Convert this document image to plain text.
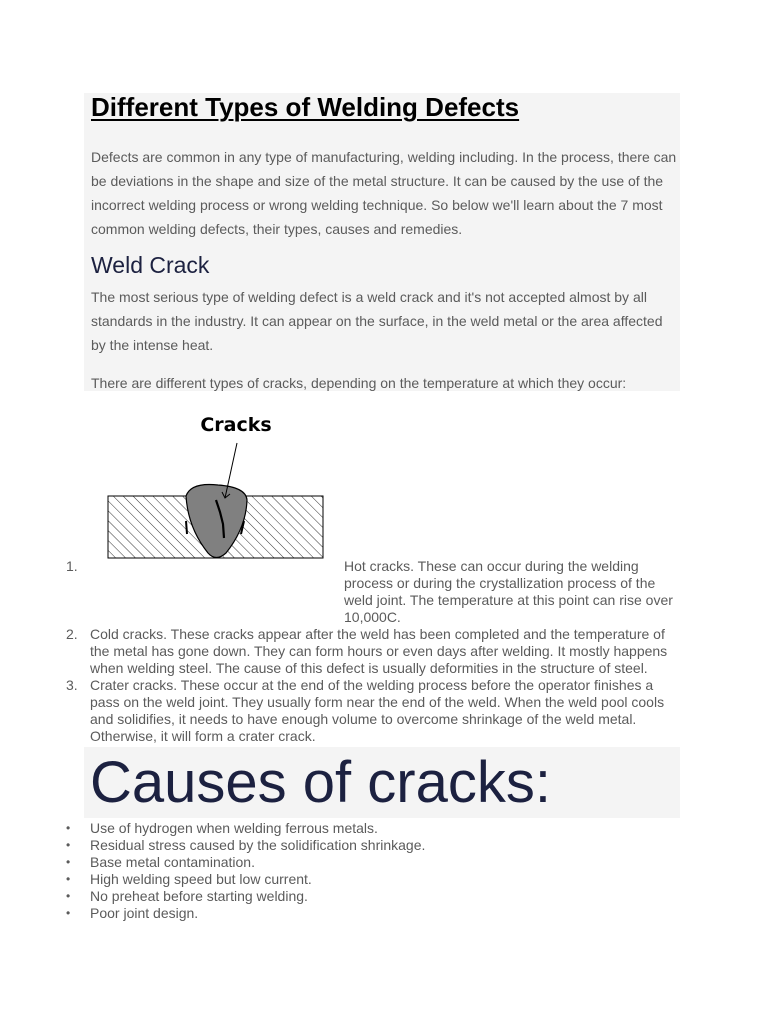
Different Types of Welding Defects

Defects are common in any type of manufacturing, welding including. In the process, there can be deviations in the shape and size of the metal structure. It can be caused by the use of the incorrect welding process or wrong welding technique. So below we'll learn about the 7 most common welding defects, their types, causes and remedies.

Weld Crack

The most serious type of welding defect is a weld crack and it's not accepted almost by all standards in the industry. It can appear on the surface, in the weld metal or the area affected by the intense heat.

There are different types of cracks, depending on the temperature at which they occur:

Cracks
1.	Hot cracks. These can occur during the welding process or during the crystallization process of the weld joint. The temperature at this point can rise over 10,000C.
2. Cold cracks. These cracks appear after the weld has been completed and the temperature of the metal has gone down. They can form hours or even days after welding. It mostly happens when welding steel. The cause of this defect is usually deformities in the structure of steel.
3. Crater cracks. These occur at the end of the welding process before the operator finishes a pass on the weld joint. They usually form near the end of the weld. When the weld pool cools and solidifies, it needs to have enough volume to overcome shrinkage of the weld metal. Otherwise, it will form a crater crack.
Causes of cracks:
• Use of hydrogen when welding ferrous metals.
• Residual stress caused by the solidification shrinkage.
• Base metal contamination.
• High welding speed but low current.
• No preheat before starting welding.
• Poor joint design.
